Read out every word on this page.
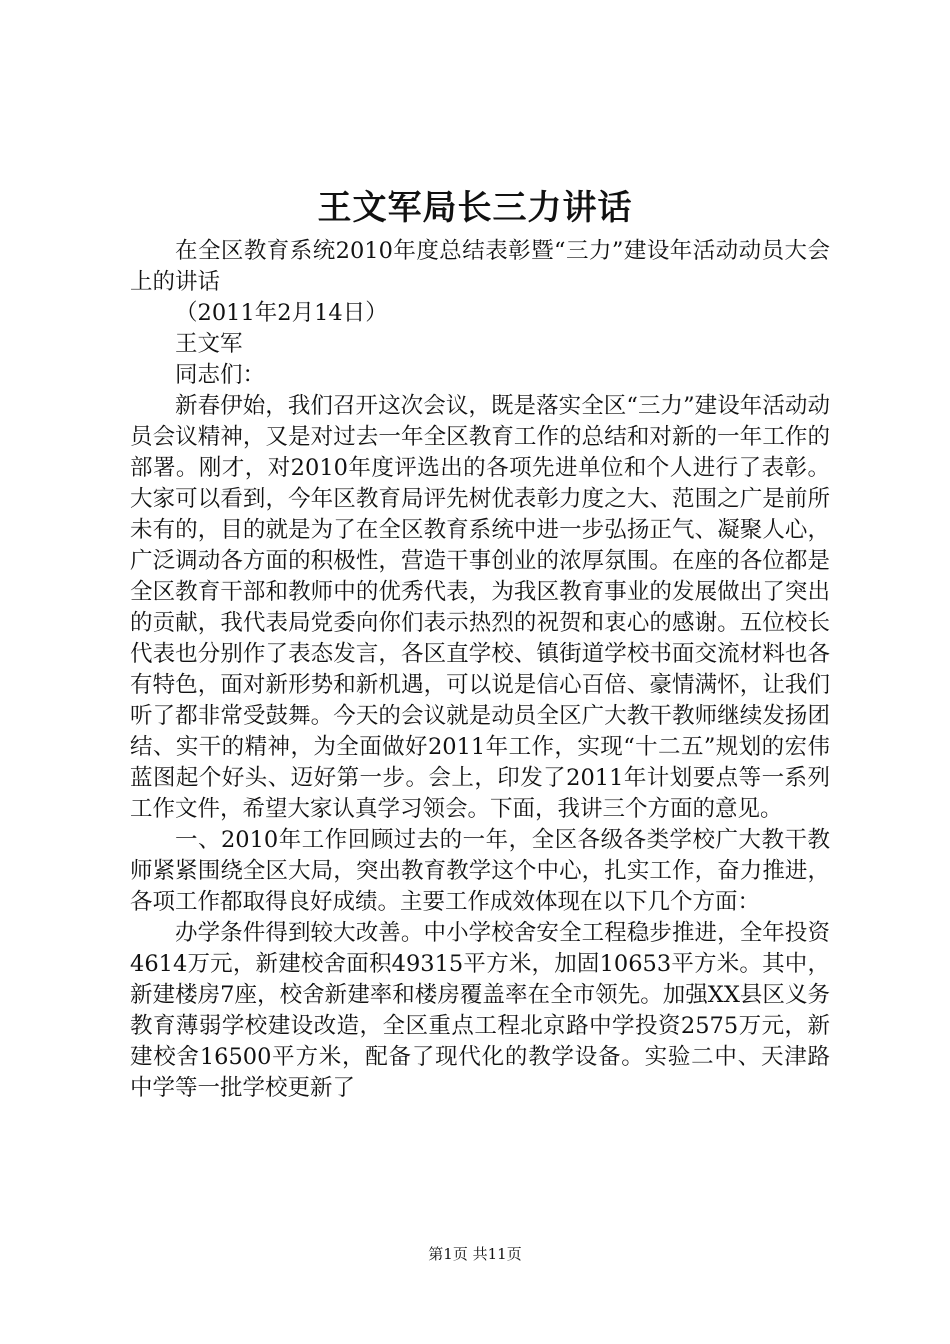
王文军局长三力讲话

在全区教育系统2010年度总结表彰暨“三力”建设年活动动员大会上的讲话

（2011年2月14日）

王文军

同志们：

新春伊始，我们召开这次会议，既是落实全区“三力”建设年活动动员会议精神，又是对过去一年全区教育工作的总结和对新的一年工作的部署。刚才，对2010年度评选出的各项先进单位和个人进行了表彰。大家可以看到，今年区教育局评先树优表彰力度之大、范围之广是前所未有的，目的就是为了在全区教育系统中进一步弘扬正气、凝聚人心，广泛调动各方面的积极性，营造干事创业的浓厚氛围。在座的各位都是全区教育干部和教师中的优秀代表，为我区教育事业的发展做出了突出的贡献，我代表局党委向你们表示热烈的祝贺和衷心的感谢。五位校长代表也分别作了表态发言，各区直学校、镇街道学校书面交流材料也各有特色，面对新形势和新机遇，可以说是信心百倍、豪情满怀，让我们听了都非常受鼓舞。今天的会议就是动员全区广大教干教师继续发扬团结、实干的精神，为全面做好2011年工作，实现“十二五”规划的宏伟蓝图起个好头、迈好第一步。会上，印发了2011年计划要点等一系列工作文件，希望大家认真学习领会。下面，我讲三个方面的意见。

一、2010年工作回顾过去的一年，全区各级各类学校广大教干教师紧紧围绕全区大局，突出教育教学这个中心，扎实工作，奋力推进，各项工作都取得良好成绩。主要工作成效体现在以下几个方面：

办学条件得到较大改善。中小学校舍安全工程稳步推进，全年投资4614万元，新建校舍面积49315平方米，加固10653平方米。其中，新建楼房7座，校舍新建率和楼房覆盖率在全市领先。加强XX县区义务教育薄弱学校建设改造，全区重点工程北京路中学投资2575万元，新建校舍16500平方米，配备了现代化的教学设备。实验二中、天津路中学等一批学校更新了

第1页 共11页
